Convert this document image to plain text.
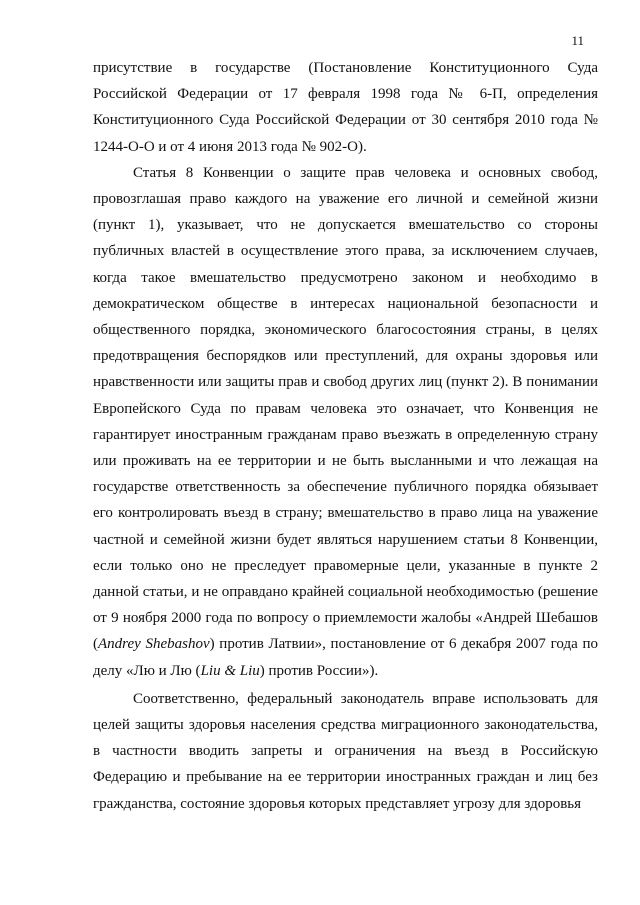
11

присутствие в государстве (Постановление Конституционного Суда Российской Федерации от 17 февраля 1998 года № 6-П, определения Конституционного Суда Российской Федерации от 30 сентября 2010 года № 1244-О-О и от 4 июня 2013 года № 902-О).

Статья 8 Конвенции о защите прав человека и основных свобод, провозглашая право каждого на уважение его личной и семейной жизни (пункт 1), указывает, что не допускается вмешательство со стороны публичных властей в осуществление этого права, за исключением случаев, когда такое вмешательство предусмотрено законом и необходимо в демократическом обществе в интересах национальной безопасности и общественного порядка, экономического благосостояния страны, в целях предотвращения беспорядков или преступлений, для охраны здоровья или нравственности или защиты прав и свобод других лиц (пункт 2). В понимании Европейского Суда по правам человека это означает, что Конвенция не гарантирует иностранным гражданам право въезжать в определенную страну или проживать на ее территории и не быть высланными и что лежащая на государстве ответственность за обеспечение публичного порядка обязывает его контролировать въезд в страну; вмешательство в право лица на уважение частной и семейной жизни будет являться нарушением статьи 8 Конвенции, если только оно не преследует правомерные цели, указанные в пункте 2 данной статьи, и не оправдано крайней социальной необходимостью (решение от 9 ноября 2000 года по вопросу о приемлемости жалобы «Андрей Шебашов (Andrey Shebashov) против Латвии», постановление от 6 декабря 2007 года по делу «Лю и Лю (Liu & Liu) против России»).

Соответственно, федеральный законодатель вправе использовать для целей защиты здоровья населения средства миграционного законодательства, в частности вводить запреты и ограничения на въезд в Российскую Федерацию и пребывание на ее территории иностранных граждан и лиц без гражданства, состояние здоровья которых представляет угрозу для здоровья
